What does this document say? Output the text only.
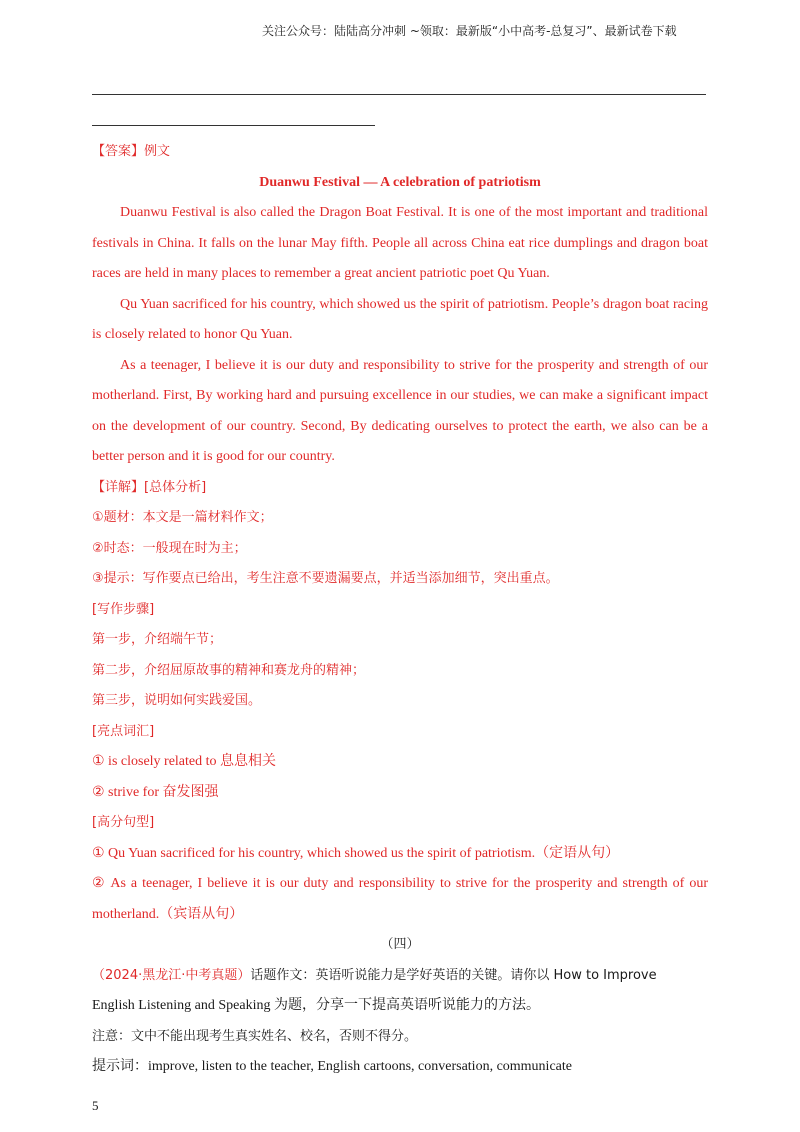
关注公众号：陆陆高分冲刺 ~领取：最新版“小中高考-总复习”、最新试卷下载
【答案】例文
Duanwu Festival — A celebration of patriotism
Duanwu Festival is also called the Dragon Boat Festival. It is one of the most important and traditional
festivals in China. It falls on the lunar May fifth. People all across China eat rice dumplings and dragon boat
races are held in many places to remember a great ancient patriotic poet Qu Yuan.
Qu Yuan sacrificed for his country, which showed us the spirit of patriotism. People’s dragon boat racing
is closely related to honor Qu Yuan.
As a teenager, I believe it is our duty and responsibility to strive for the prosperity and strength of our
motherland. First, By working hard and pursuing excellence in our studies, we can make a significant impact
on the development of our country. Second, By dedicating ourselves to protect the earth, we also can be a
better person and it is good for our country.
【详解】[总体分析]
①题材：本文是一篇材料作文；
②时态：一般现在时为主；
③提示：写作要点已给出，考生注意不要遗漏要点，并适当添加细节，突出重点。
[写作步骤]
第一步，介绍端午节；
第二步，介绍屈原故事的精神和赛龙舟的精神；
第三步，说明如何实践爱国。
[亮点词汇]
① is closely related to 息息相关
② strive for 奋发图强
[高分句型]
① Qu Yuan sacrificed for his country, which showed us the spirit of patriotism.（定语从句）
② As a teenager, I believe it is our duty and responsibility to strive for the prosperity and strength of our
motherland.（宾语从句）
（四）
（2024·黑龙江·中考真题）话题作文：英语听说能力是学好英语的关键。请你以 How to Improve
English Listening and Speaking 为题，分享一下提高英语听说能力的方法。
注意：文中不能出现考生真实姓名、校名，否则不得分。
提示词：improve, listen to the teacher, English cartoons, conversation, communicate
5
